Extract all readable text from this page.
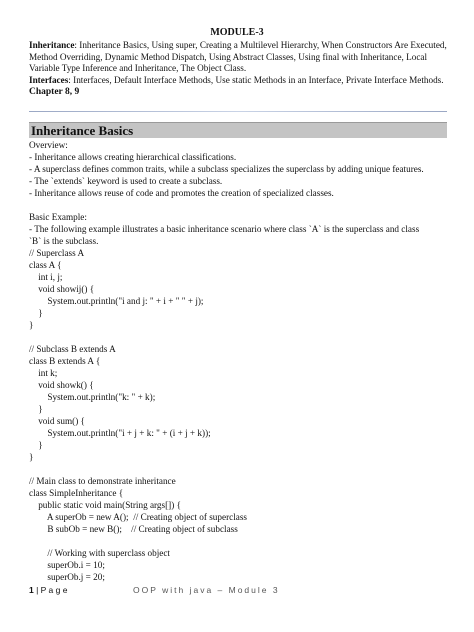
MODULE-3

Inheritance: Inheritance Basics, Using super, Creating a Multilevel Hierarchy, When Constructors Are Executed, Method Overriding, Dynamic Method Dispatch, Using Abstract Classes, Using final with Inheritance, Local Variable Type Inference and Inheritance, The Object Class.

Interfaces: Interfaces, Default Interface Methods, Use static Methods in an Interface, Private Interface Methods.

Chapter 8, 9

Inheritance Basics
Overview:
- Inheritance allows creating hierarchical classifications.
- A superclass defines common traits, while a subclass specializes the superclass by adding unique features.
- The `extends` keyword is used to create a subclass.
- Inheritance allows reuse of code and promotes the creation of specialized classes.
Basic Example:
- The following example illustrates a basic inheritance scenario where class `A` is the superclass and class
`B` is the subclass.
// Superclass A
class A {
int i, j;
void showij() {
System.out.println("i and j: " + i + " " + j);
}
}
// Subclass B extends A
class B extends A {
int k;
void showk() {
System.out.println("k: " + k);
}
void sum() {
System.out.println("i + j + k: " + (i + j + k));
}
}
// Main class to demonstrate inheritance
class SimpleInheritance {
public static void main(String args[]) {
A superOb = new A();  // Creating object of superclass
B subOb = new B();    // Creating object of subclass
// Working with superclass object
superOb.i = 10;
superOb.j = 20;
1 | P a g e	OOP with java – Module 3
